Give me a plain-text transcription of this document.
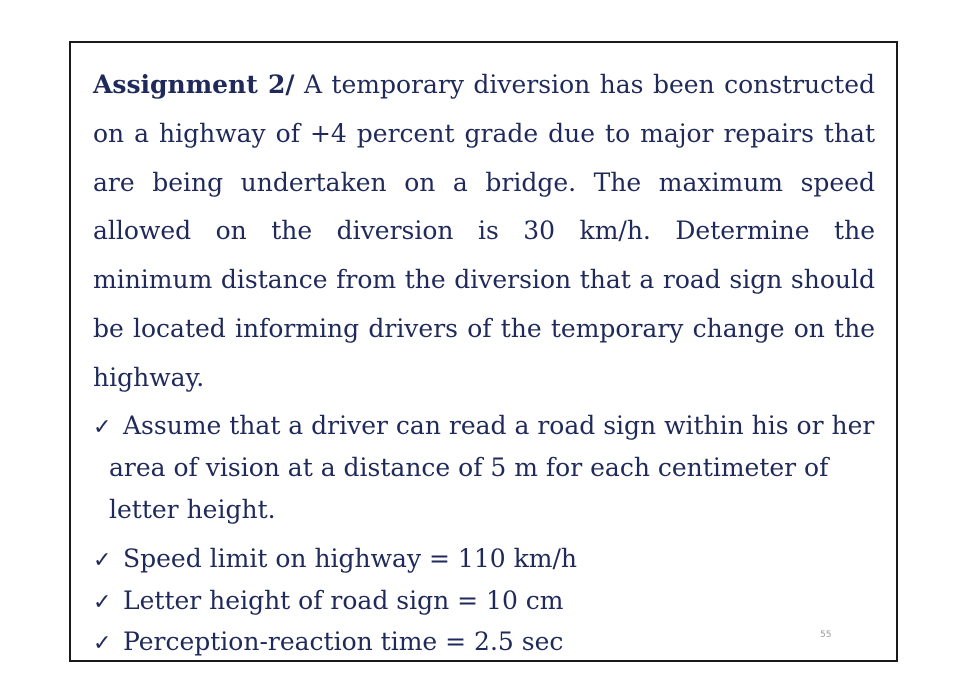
Assignment 2/ A temporary diversion has been constructed
on a highway of +4 percent grade due to major repairs that
are being undertaken on a bridge. The maximum speed
allowed on the diversion is 30 km/h. Determine the
minimum distance from the diversion that a road sign should
be located informing drivers of the temporary change on the
highway.
✓ Assume that a driver can read a road sign within his or her
area of vision at a distance of 5 m for each centimeter of
letter height.
✓ Speed limit on highway = 110 km/h
✓ Letter height of road sign = 10 cm
✓ Perception-reaction time = 2.5 sec	55
